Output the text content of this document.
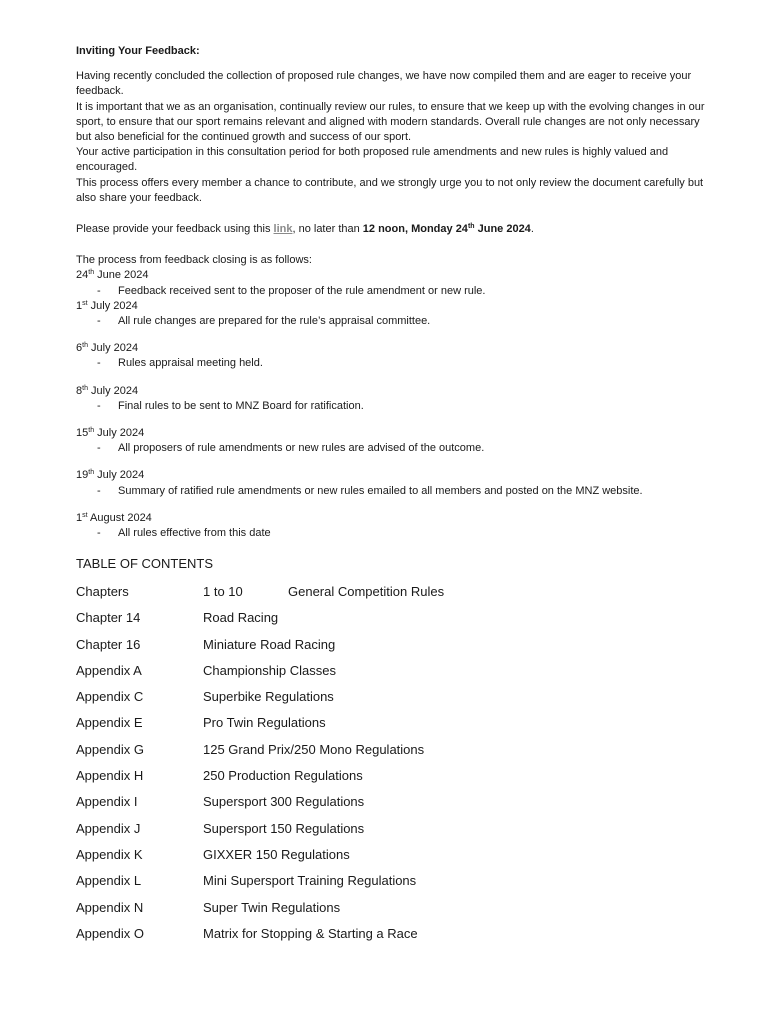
Inviting Your Feedback:

Having recently concluded the collection of proposed rule changes, we have now compiled them and are eager to receive your feedback.

It is important that we as an organisation, continually review our rules, to ensure that we keep up with the evolving changes in our sport, to ensure that our sport remains relevant and aligned with modern standards. Overall rule changes are not only necessary but also beneficial for the continued growth and success of our sport.

Your active participation in this consultation period for both proposed rule amendments and new rules is highly valued and encouraged.

This process offers every member a chance to contribute, and we strongly urge you to not only review the document carefully but also share your feedback.

Please provide your feedback using this link, no later than 12 noon, Monday 24th June 2024.

The process from feedback closing is as follows:

24th June 2024

-	Feedback received sent to the proposer of the rule amendment or new rule.

1st July 2024

-	All rule changes are prepared for the rule’s appraisal committee.

6th July 2024

-	Rules appraisal meeting held.

8th July 2024

-	Final rules to be sent to MNZ Board for ratification.

15th July 2024

-	All proposers of rule amendments or new rules are advised of the outcome.

19th July 2024

-	Summary of ratified rule amendments or new rules emailed to all members and posted on the MNZ website.

1st August 2024

-	All rules effective from this date

TABLE OF CONTENTS

Chapters	1 to 10	General Competition Rules
Chapter 14	Road Racing
Chapter 16	Miniature Road Racing
Appendix A	Championship Classes
Appendix C	Superbike Regulations
Appendix E	Pro Twin Regulations
Appendix G	125 Grand Prix/250 Mono Regulations
Appendix H	250 Production Regulations
Appendix I	Supersport 300 Regulations
Appendix J	Supersport 150 Regulations
Appendix K	GIXXER 150 Regulations
Appendix L	Mini Supersport Training Regulations
Appendix N	Super Twin Regulations
Appendix O	Matrix for Stopping & Starting a Race
